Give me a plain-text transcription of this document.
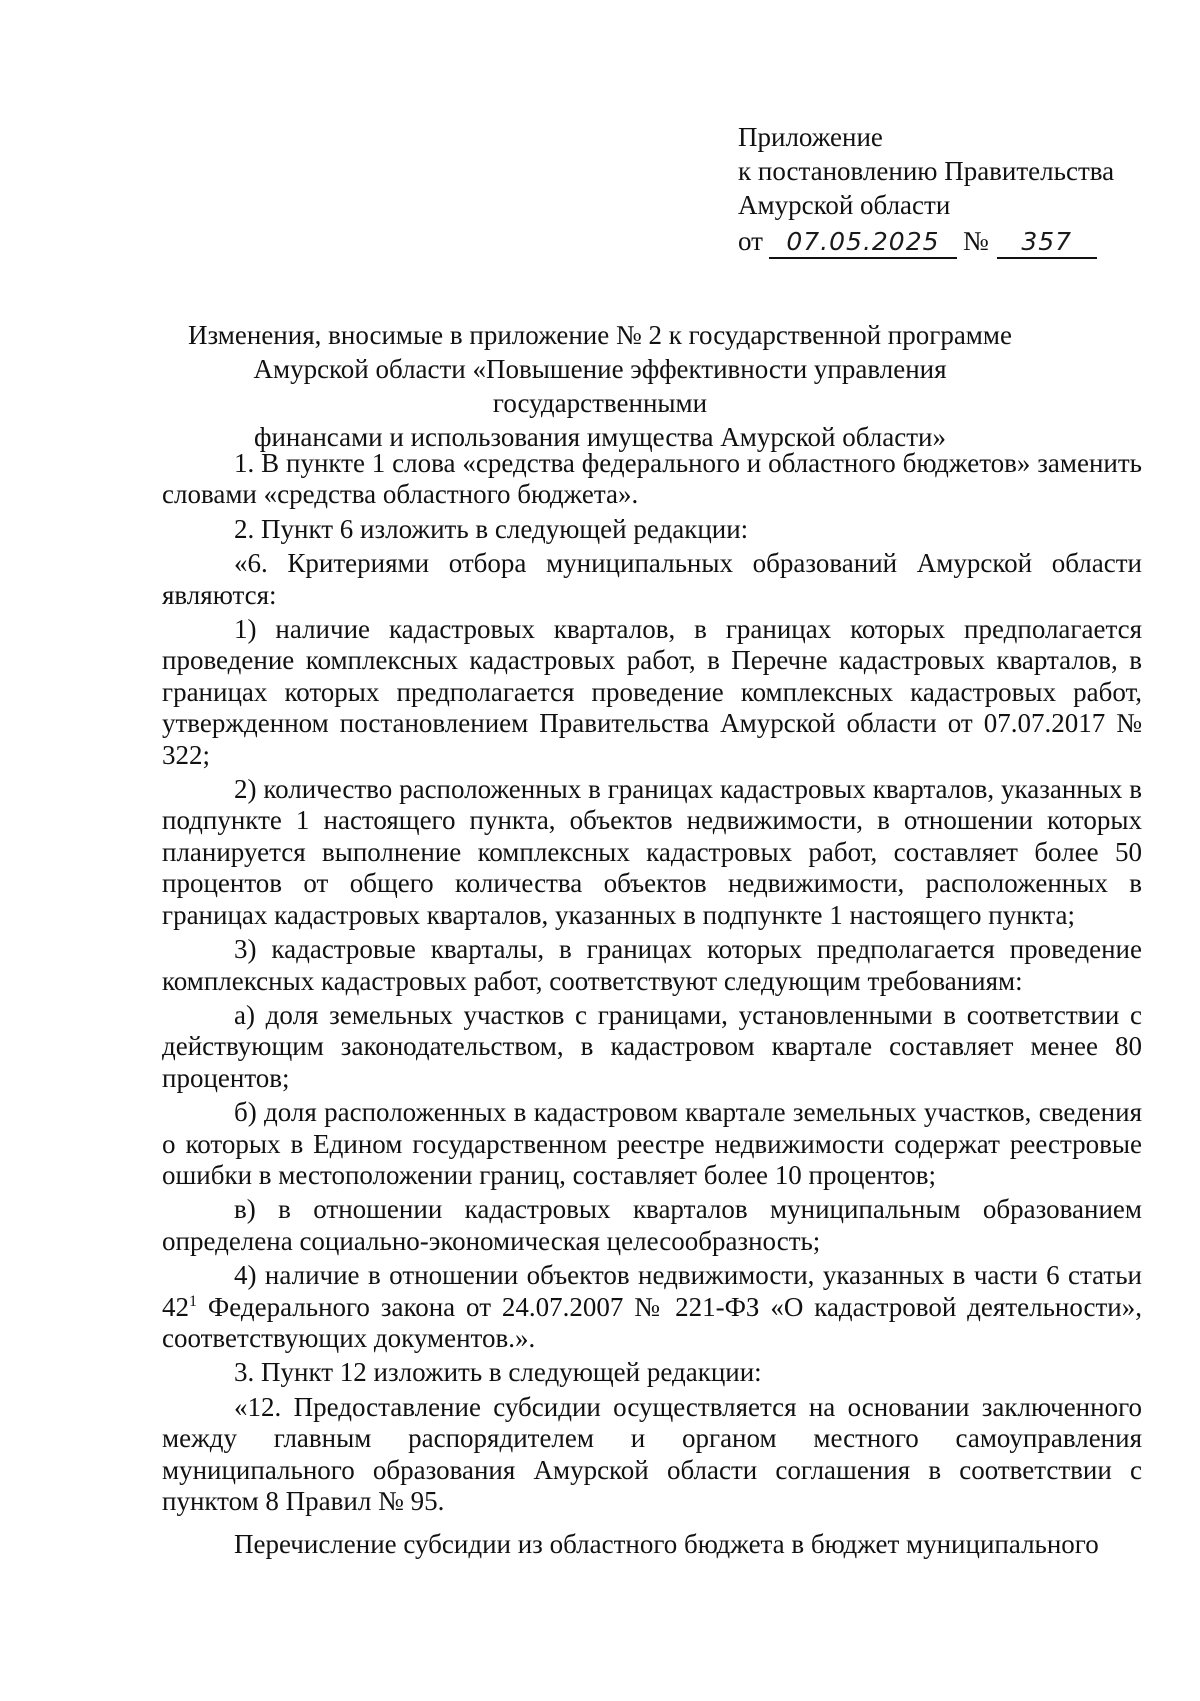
Приложение
к постановлению Правительства
Амурской области
от 07.05.2025 №	357
Изменения, вносимые в приложение № 2 к государственной программе
Амурской области «Повышение эффективности управления государственными
финансами и использования имущества Амурской области»

1. В пункте 1 слова «средства федерального и областного бюджетов» заменить словами «средства областного бюджета».

2. Пункт 6 изложить в следующей редакции:

«6. Критериями отбора муниципальных образований Амурской области являются:

1) наличие кадастровых кварталов, в границах которых предполагается проведение комплексных кадастровых работ, в Перечне кадастровых кварталов, в границах которых предполагается проведение комплексных кадастровых работ, утвержденном постановлением Правительства Амурской области от 07.07.2017 № 322;

2) количество расположенных в границах кадастровых кварталов, указанных в подпункте 1 настоящего пункта, объектов недвижимости, в отношении которых планируется выполнение комплексных кадастровых работ, составляет более 50 процентов от общего количества объектов недвижимости, расположенных в границах кадастровых кварталов, указанных в подпункте 1 настоящего пункта;

3) кадастровые кварталы, в границах которых предполагается проведение комплексных кадастровых работ, соответствуют следующим требованиям:

а) доля земельных участков с границами, установленными в соответствии с действующим законодательством, в кадастровом квартале составляет менее 80 процентов;

б) доля расположенных в кадастровом квартале земельных участков, сведения о которых в Едином государственном реестре недвижимости содержат реестровые ошибки в местоположении границ, составляет более 10 процентов;

в) в отношении кадастровых кварталов муниципальным образованием определена социально-экономическая целесообразность;

4) наличие в отношении объектов недвижимости, указанных в части 6 статьи $42^1$ Федерального закона от 24.07.2007 № 221-ФЗ «О кадастровой деятельности», соответствующих документов.».

3. Пункт 12 изложить в следующей редакции:

«12. Предоставление субсидии осуществляется на основании заключенного между главным распорядителем и органом местного самоуправления муниципального образования Амурской области соглашения в соответствии с пунктом 8 Правил № 95.

Перечисление субсидии из областного бюджета в бюджет муниципального
